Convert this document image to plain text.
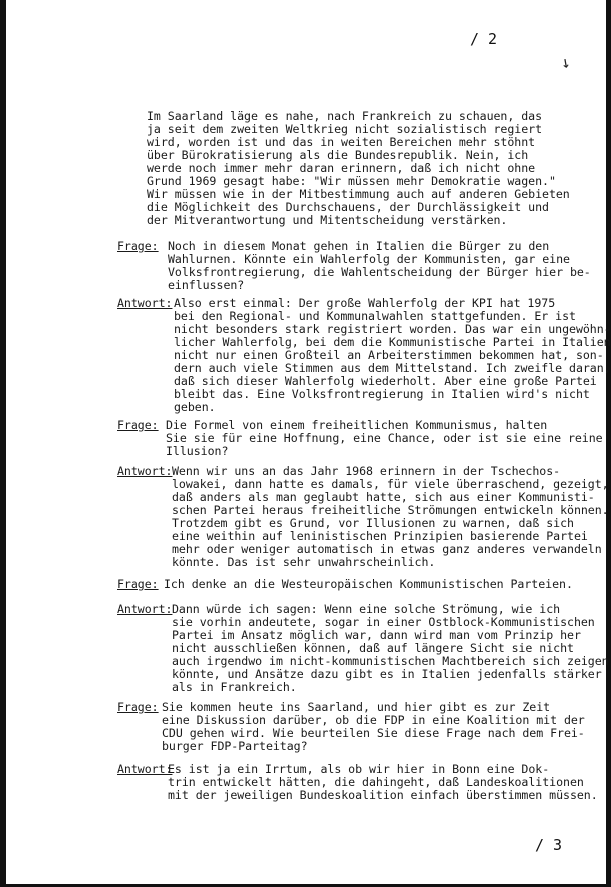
/ 2
↘
Im Saarland läge es nahe, nach Frankreich zu schauen, das
ja seit dem zweiten Weltkrieg nicht sozialistisch regiert
wird, worden ist und das in weiten Bereichen mehr stöhnt
über Bürokratisierung als die Bundesrepublik. Nein, ich
werde noch immer mehr daran erinnern, daß ich nicht ohne
Grund 1969 gesagt habe: "Wir müssen mehr Demokratie wagen."
Wir müssen wie in der Mitbestimmung auch auf anderen Gebieten
die Möglichkeit des Durchschauens, der Durchlässigkeit und
der Mitverantwortung und Mitentscheidung verstärken.
Frage: Noch in diesem Monat gehen in Italien die Bürger zu den
Wahlurnen. Könnte ein Wahlerfolg der Kommunisten, gar eine
Volksfrontregierung, die Wahlentscheidung der Bürger hier be-
einflussen?
Antwort: Also erst einmal: Der große Wahlerfolg der KPI hat 1975
bei den Regional- und Kommunalwahlen stattgefunden. Er ist
nicht besonders stark registriert worden. Das war ein ungewöhn-
licher Wahlerfolg, bei dem die Kommunistische Partei in Italien
nicht nur einen Großteil an Arbeiterstimmen bekommen hat, son-
dern auch viele Stimmen aus dem Mittelstand. Ich zweifle daran,
daß sich dieser Wahlerfolg wiederholt. Aber eine große Partei
bleibt das. Eine Volksfrontregierung in Italien wird's nicht
geben.
Frage: Die Formel von einem freiheitlichen Kommunismus, halten
Sie sie für eine Hoffnung, eine Chance, oder ist sie eine reine
Illusion?
Antwort: Wenn wir uns an das Jahr 1968 erinnern in der Tschechos-
lowakei, dann hatte es damals, für viele überraschend, gezeigt,
daß anders als man geglaubt hatte, sich aus einer Kommunisti-
schen Partei heraus freiheitliche Strömungen entwickeln können.
Trotzdem gibt es Grund, vor Illusionen zu warnen, daß sich
eine weithin auf leninistischen Prinzipien basierende Partei
mehr oder weniger automatisch in etwas ganz anderes verwandeln
könnte. Das ist sehr unwahrscheinlich.
Frage: Ich denke an die Westeuropäischen Kommunistischen Parteien.
Antwort: Dann würde ich sagen: Wenn eine solche Strömung, wie ich
sie vorhin andeutete, sogar in einer Ostblock-Kommunistischen
Partei im Ansatz möglich war, dann wird man vom Prinzip her
nicht ausschließen können, daß auf längere Sicht sie nicht
auch irgendwo im nicht-kommunistischen Machtbereich sich zeigen
könnte, und Ansätze dazu gibt es in Italien jedenfalls stärker
als in Frankreich.
Frage: Sie kommen heute ins Saarland, und hier gibt es zur Zeit
eine Diskussion darüber, ob die FDP in eine Koalition mit der
CDU gehen wird. Wie beurteilen Sie diese Frage nach dem Frei-
burger FDP-Parteitag?
Antwort:
Es ist ja ein Irrtum, als ob wir hier in Bonn eine Dok-
trin entwickelt hätten, die dahingeht, daß Landeskoalitionen
mit der jeweiligen Bundeskoalition einfach überstimmen müssen.
/ 3
